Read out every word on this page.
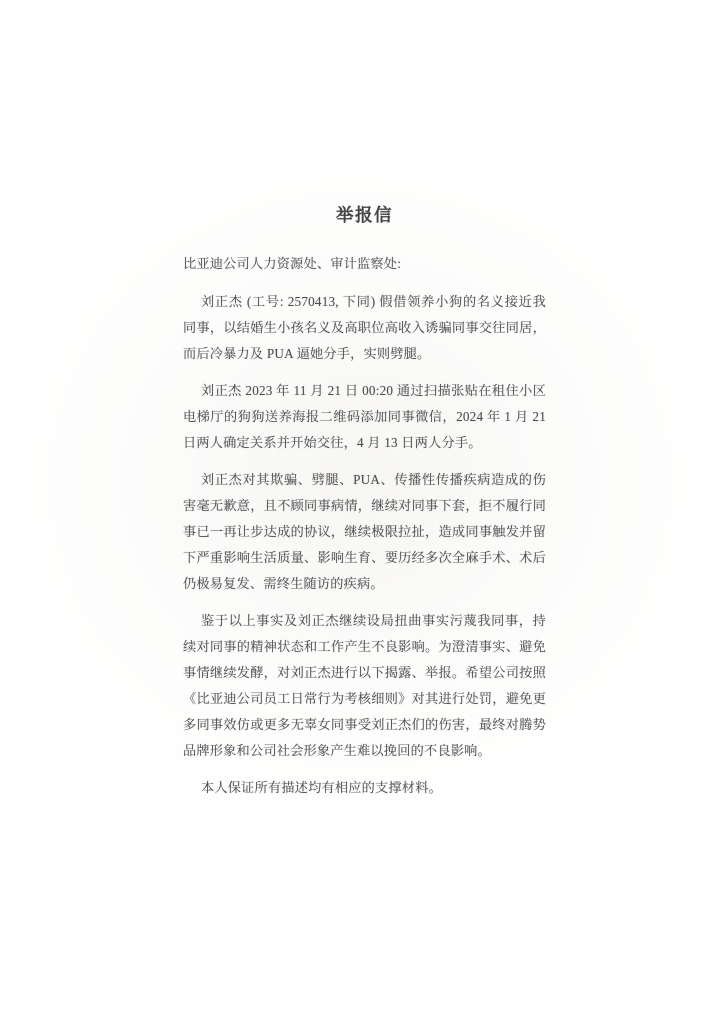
举报信

比亚迪公司人力资源处、审计监察处:

刘正杰 (工号: 2570413, 下同) 假借领养小狗的名义接近我同事，以结婚生小孩名义及高职位高收入诱骗同事交往同居，而后冷暴力及 PUA 逼她分手，实则劈腿。

刘正杰 2023 年 11 月 21 日 00:20 通过扫描张贴在租住小区电梯厅的狗狗送养海报二维码添加同事微信，2024 年 1 月 21 日两人确定关系并开始交往，4 月 13 日两人分手。

刘正杰对其欺骗、劈腿、PUA、传播性传播疾病造成的伤害毫无歉意，且不顾同事病情，继续对同事下套，拒不履行同事已一再让步达成的协议，继续极限拉扯，造成同事触发并留下严重影响生活质量、影响生育、要历经多次全麻手术、术后仍极易复发、需终生随访的疾病。

鉴于以上事实及刘正杰继续设局扭曲事实污蔑我同事，持续对同事的精神状态和工作产生不良影响。为澄清事实、避免事情继续发酵，对刘正杰进行以下揭露、举报。希望公司按照《比亚迪公司员工日常行为考核细则》对其进行处罚，避免更多同事效仿或更多无辜女同事受刘正杰们的伤害，最终对腾势品牌形象和公司社会形象产生难以挽回的不良影响。

本人保证所有描述均有相应的支撑材料。
